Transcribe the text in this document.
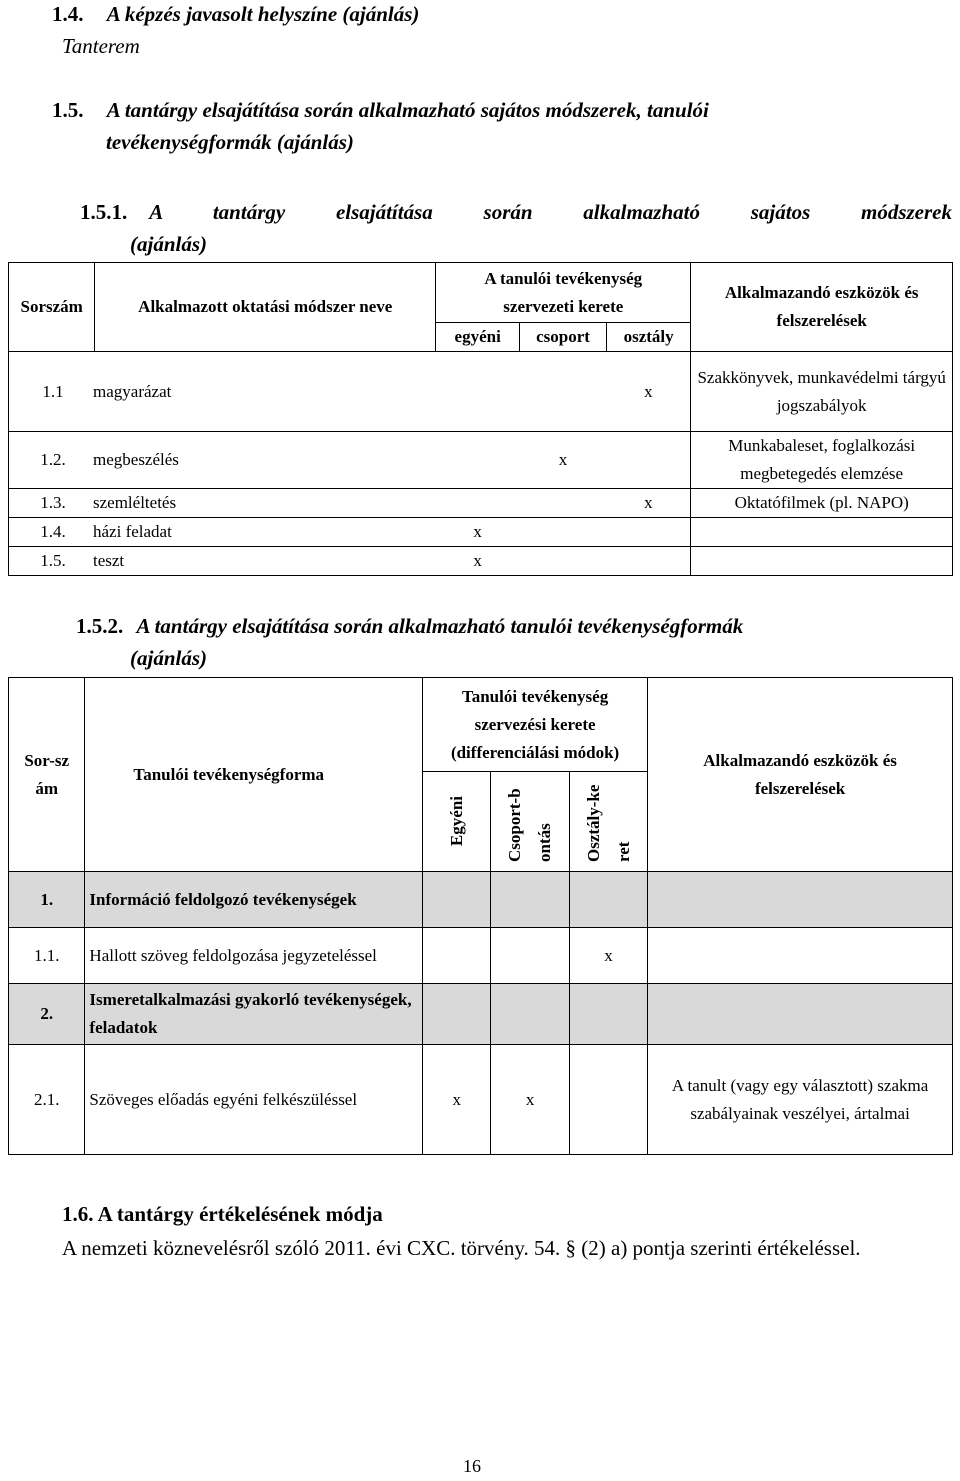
1.4. A képzés javasolt helyszíne (ajánlás)
Tanterem
1.5. A tantárgy elsajátítása során alkalmazható sajátos módszerek, tanulói
tevékenységformák (ajánlás)
1.5.1. A tantárgy elsajátítása során alkalmazható sajátos módszerek
(ajánlás)
Sorszám	Alkalmazott oktatási módszer neve	A tanulói tevékenység szervezeti kerete			Alkalmazandó eszközök és felszerelések
		egyéni	csoport	osztály	
1.1 magyarázat				x	Szakkönyvek, munkavédelmi tárgyú jogszabályok
1.2. megbeszélés			x		Munkabaleset, foglalkozási megbetegedés elemzése
1.3. szemléltetés				x	Oktatófilmek (pl. NAPO)
1.4. házi feladat		x			
1.5. teszt		x			
1.5.2. A tantárgy elsajátítása során alkalmazható tanulói tevékenységformák
(ajánlás)
Sor-szám	Tanulói tevékenységforma	Tanulói tevékenység szervezési kerete (differenciálási módok)			Alkalmazandó eszközök és felszerelések

		Egyéni	Csoport-bontás	Osztály-keret	

1.	Információ feldolgozó tevékenységek				
1.1.	Hallott szöveg feldolgozása jegyzeteléssel			x	
2.	Ismeretalkalmazási gyakorló tevékenységek, feladatok				
2.1.	Szöveges előadás egyéni felkészüléssel	x	x		A tanult (vagy egy választott) szakma szabályainak veszélyei, ártalmai
1.6. A tantárgy értékelésének módja
A nemzeti köznevelésről szóló 2011. évi CXC. törvény. 54. § (2) a) pontja szerinti értékeléssel.
16
